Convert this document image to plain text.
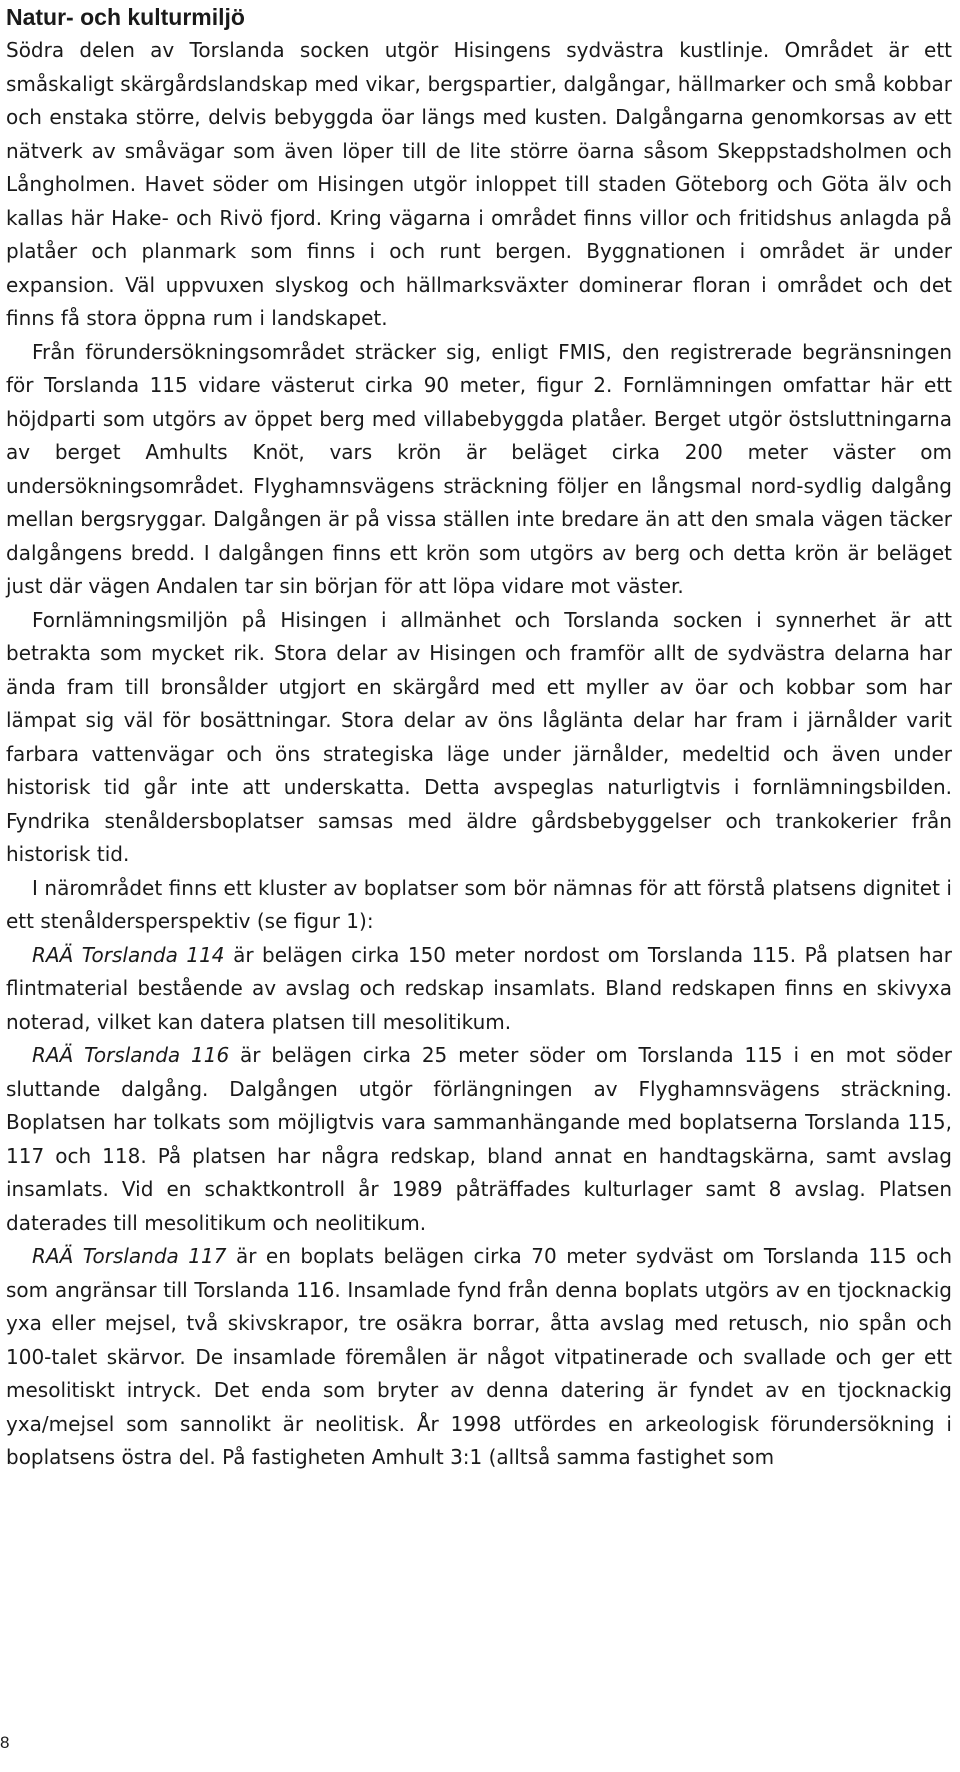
Natur- och kulturmiljö

Södra delen av Torslanda socken utgör Hisingens sydvästra kustlinje. Området är ett småskaligt skärgårdslandskap med vikar, bergspartier, dalgångar, hällmarker och små kobbar och enstaka större, delvis bebyggda öar längs med kusten. Dalgångarna genomkorsas av ett nätverk av småvägar som även löper till de lite större öarna såsom Skeppstadsholmen och Långholmen. Havet söder om Hisingen utgör inloppet till staden Göteborg och Göta älv och kallas här Hake- och Rivö fjord. Kring vägarna i området finns villor och fritidshus anlagda på platåer och planmark som finns i och runt bergen. Byggnationen i området är under expansion. Väl uppvuxen slyskog och hällmarksväxter dominerar floran i området och det finns få stora öppna rum i landskapet.

Från förundersökningsområdet sträcker sig, enligt FMIS, den registrerade begränsningen för Torslanda 115 vidare västerut cirka 90 meter, figur 2. Fornlämningen omfattar här ett höjdparti som utgörs av öppet berg med villabebyggda platåer. Berget utgör östsluttningarna av berget Amhults Knöt, vars krön är beläget cirka 200 meter väster om undersökningsområdet. Flyghamnsvägens sträckning följer en långsmal nord-sydlig dalgång mellan bergsryggar. Dalgången är på vissa ställen inte bredare än att den smala vägen täcker dalgångens bredd. I dalgången finns ett krön som utgörs av berg och detta krön är beläget just där vägen Andalen tar sin början för att löpa vidare mot väster.

Fornlämningsmiljön på Hisingen i allmänhet och Torslanda socken i synnerhet är att betrakta som mycket rik. Stora delar av Hisingen och framför allt de sydvästra delarna har ända fram till bronsålder utgjort en skärgård med ett myller av öar och kobbar som har lämpat sig väl för bosättningar. Stora delar av öns låglänta delar har fram i järnålder varit farbara vattenvägar och öns strategiska läge under järnålder, medeltid och även under historisk tid går inte att underskatta. Detta avspeglas naturligtvis i fornlämningsbilden. Fyndrika stenåldersboplatser samsas med äldre gårdsbebyggelser och trankokerier från historisk tid.

I närområdet finns ett kluster av boplatser som bör nämnas för att förstå platsens dignitet i ett stenåldersperspektiv (se figur 1):

RAÄ Torslanda 114 är belägen cirka 150 meter nordost om Torslanda 115. På platsen har flintmaterial bestående av avslag och redskap insamlats. Bland redskapen finns en skivyxa noterad, vilket kan datera platsen till mesolitikum.

RAÄ Torslanda 116 är belägen cirka 25 meter söder om Torslanda 115 i en mot söder sluttande dalgång. Dalgången utgör förlängningen av Flyghamnsvägens sträckning. Boplatsen har tolkats som möjligtvis vara sammanhängande med boplatserna Torslanda 115, 117 och 118. På platsen har några redskap, bland annat en handtagskärna, samt avslag insamlats. Vid en schaktkontroll år 1989 påträffades kulturlager samt 8 avslag. Platsen daterades till mesolitikum och neolitikum.

RAÄ Torslanda 117 är en boplats belägen cirka 70 meter sydväst om Torslanda 115 och som angränsar till Torslanda 116. Insamlade fynd från denna boplats utgörs av en tjocknackig yxa eller mejsel, två skivskrapor, tre osäkra borrar, åtta avslag med retusch, nio spån och 100-talet skärvor. De insamlade föremålen är något vitpatinerade och svallade och ger ett mesolitiskt intryck. Det enda som bryter av denna datering är fyndet av en tjocknackig yxa/mejsel som sannolikt är neolitisk. År 1998 utfördes en arkeologisk förundersökning i boplatsens östra del. På fastigheten Amhult 3:1 (alltså samma fastighet som

8
